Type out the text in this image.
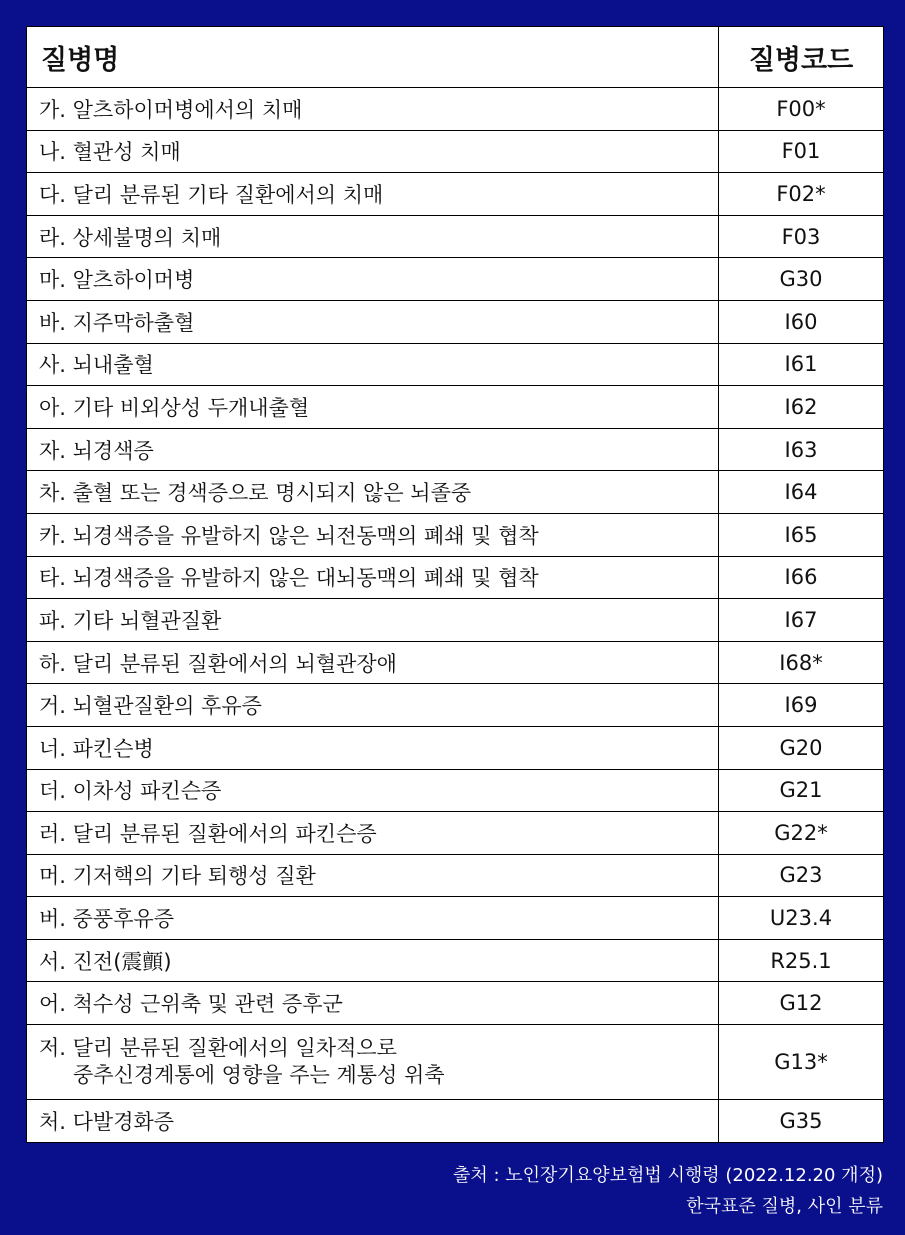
질병명	질병코드
가. 알츠하이머병에서의 치매	F00*
나. 혈관성 치매	F01
다. 달리 분류된 기타 질환에서의 치매	F02*
라. 상세불명의 치매	F03
마. 알츠하이머병	G30
바. 지주막하출혈	I60
사. 뇌내출혈	I61
아. 기타 비외상성 두개내출혈	I62
자. 뇌경색증	I63
차. 출혈 또는 경색증으로 명시되지 않은 뇌졸중	I64
카. 뇌경색증을 유발하지 않은 뇌전동맥의 폐쇄 및 협착	I65
타. 뇌경색증을 유발하지 않은 대뇌동맥의 폐쇄 및 협착	I66
파. 기타 뇌혈관질환	I67
하. 달리 분류된 질환에서의 뇌혈관장애	I68*
거. 뇌혈관질환의 후유증	I69
너. 파킨슨병	G20
더. 이차성 파킨슨증	G21
러. 달리 분류된 질환에서의 파킨슨증	G22*
머. 기저핵의 기타 퇴행성 질환	G23
버. 중풍후유증	U23.4
서. 진전(震顫)	R25.1
어. 척수성 근위축 및 관련 증후군	G12
저. 달리 분류된 질환에서의 일차적으로
중추신경계통에 영향을 주는 계통성 위축	G13*
처. 다발경화증	G35
출처 : 노인장기요양보험법 시행령 (2022.12.20 개정)
한국표준 질병, 사인 분류
